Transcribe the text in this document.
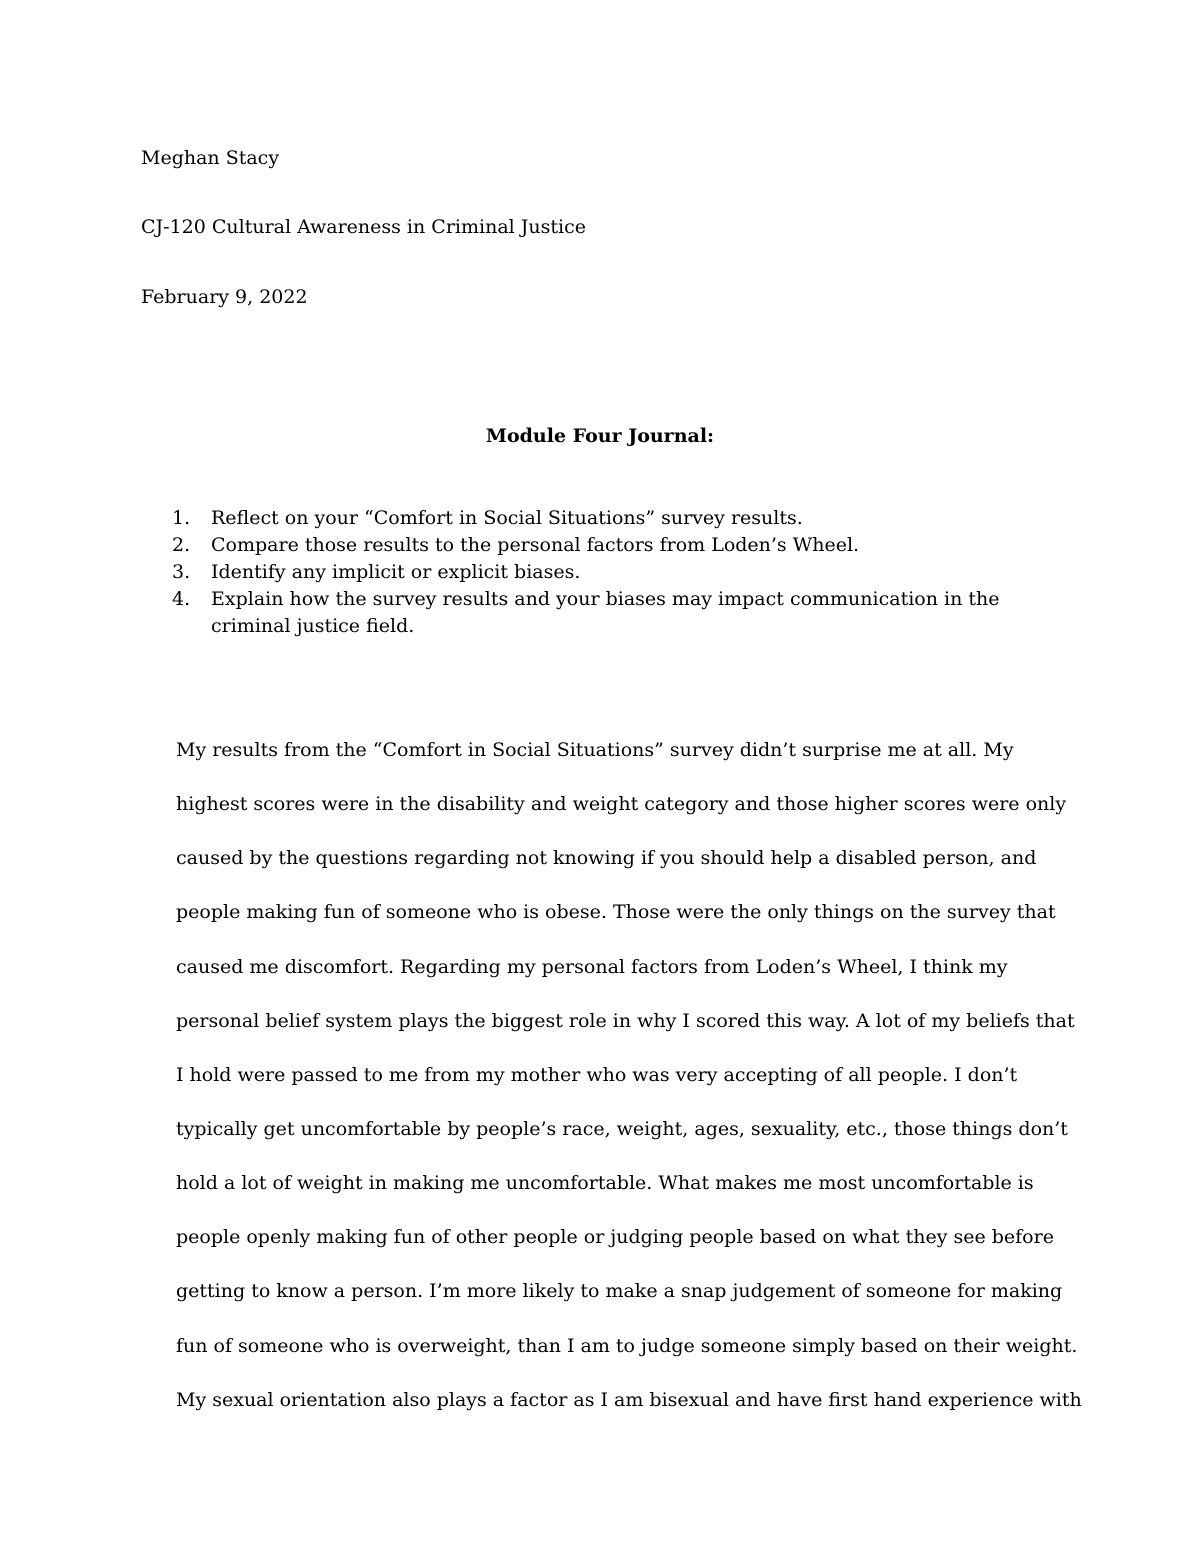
Meghan Stacy
CJ-120 Cultural Awareness in Criminal Justice
February 9, 2022
Module Four Journal:
1. Reflect on your “Comfort in Social Situations” survey results.
2. Compare those results to the personal factors from Loden’s Wheel.
3. Identify any implicit or explicit biases.
4. Explain how the survey results and your biases may impact communication in the criminal justice field.
My results from the “Comfort in Social Situations” survey didn’t surprise me at all. My
highest scores were in the disability and weight category and those higher scores were only
caused by the questions regarding not knowing if you should help a disabled person, and
people making fun of someone who is obese. Those were the only things on the survey that
caused me discomfort. Regarding my personal factors from Loden’s Wheel, I think my
personal belief system plays the biggest role in why I scored this way. A lot of my beliefs that
I hold were passed to me from my mother who was very accepting of all people. I don’t
typically get uncomfortable by people’s race, weight, ages, sexuality, etc., those things don’t
hold a lot of weight in making me uncomfortable. What makes me most uncomfortable is
people openly making fun of other people or judging people based on what they see before
getting to know a person. I’m more likely to make a snap judgement of someone for making
fun of someone who is overweight, than I am to judge someone simply based on their weight.
My sexual orientation also plays a factor as I am bisexual and have first hand experience with
